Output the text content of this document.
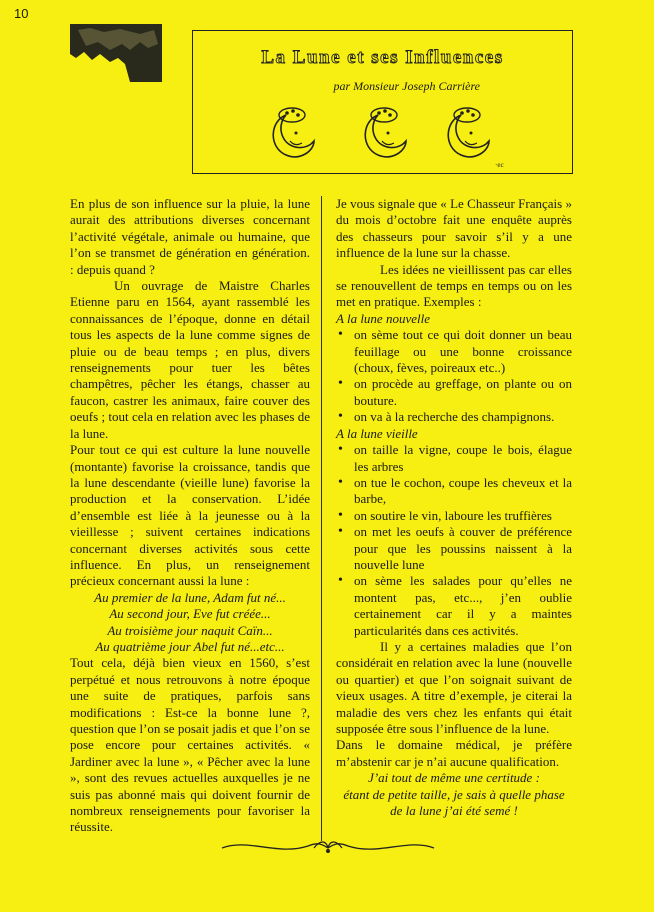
10
La Lune et ses Influences
par Monsieur Joseph Carrière
·ес

En plus de son influence sur la pluie, la lune aurait des attributions diverses concernant l’activité végétale, animale ou humaine, que l’on se transmet de génération en génération. : depuis quand ?

Un ouvrage de Maistre Charles Etienne paru en 1564, ayant rassemblé les connaissances de l’époque, donne en détail tous les aspects de la lune comme signes de pluie ou de beau temps ; en plus, divers renseignements pour tuer les bêtes champêtres, pêcher les étangs, chasser au faucon, castrer les animaux, faire couver des oeufs ; tout cela en relation avec les phases de la lune.

Pour tout ce qui est culture la lune nouvelle (montante) favorise la croissance, tandis que la lune descendante (vieille lune) favorise la production et la conservation. L’idée d’ensemble est liée à la jeunesse ou à la vieillesse ; suivent certaines indications concernant diverses activités sous cette influence. En plus, un renseignement précieux concernant aussi la lune :

Au premier de la lune, Adam fut né...

Au second jour, Eve fut créée...

Au troisième jour naquit Caïn...

Au quatrième jour Abel fut né...etc...

Tout cela, déjà bien vieux en 1560, s’est perpétué et nous retrouvons à notre époque une suite de pratiques, parfois sans modifications : Est-ce la bonne lune ?, question que l’on se posait jadis et que l’on se pose encore pour certaines activités. « Jardiner avec la lune », « Pêcher avec la lune », sont des revues actuelles auxquelles je ne suis pas abonné mais qui doivent fournir de nombreux renseignements pour favoriser la réussite.

Je vous signale que « Le Chasseur Français » du mois d’octobre fait une enquête auprès des chasseurs pour savoir s’il y a une influence de la lune sur la chasse.

Les idées ne vieillissent pas car elles se renouvellent de temps en temps ou on les met en pratique. Exemples :

A la lune nouvelle

• on sème tout ce qui doit donner un beau feuillage ou une bonne croissance (choux, fèves, poireaux etc..)
• on procède au greffage, on plante ou on bouture.
• on va à la recherche des champignons.

A la lune vieille

• on taille la vigne, coupe le bois, élague les arbres
• on tue le cochon, coupe les cheveux et la barbe,
• on soutire le vin, laboure les truffières
• on met les oeufs à couver de préférence pour que les poussins naissent à la nouvelle lune
• on sème les salades pour qu’elles ne montent pas, etc..., j’en oublie certainement car il y a maintes particularités dans ces activités.

Il y a certaines maladies que l’on considérait en relation avec la lune (nouvelle ou quartier) et que l’on soignait suivant de vieux usages. A titre d’exemple, je citerai la maladie des vers chez les enfants qui était supposée être sous l’influence de la lune.

Dans le domaine médical, je préfère m’abstenir car je n’ai aucune qualification.

J’ai tout de même une certitude :

étant de petite taille, je sais à quelle phase

de la lune j’ai été semé !
